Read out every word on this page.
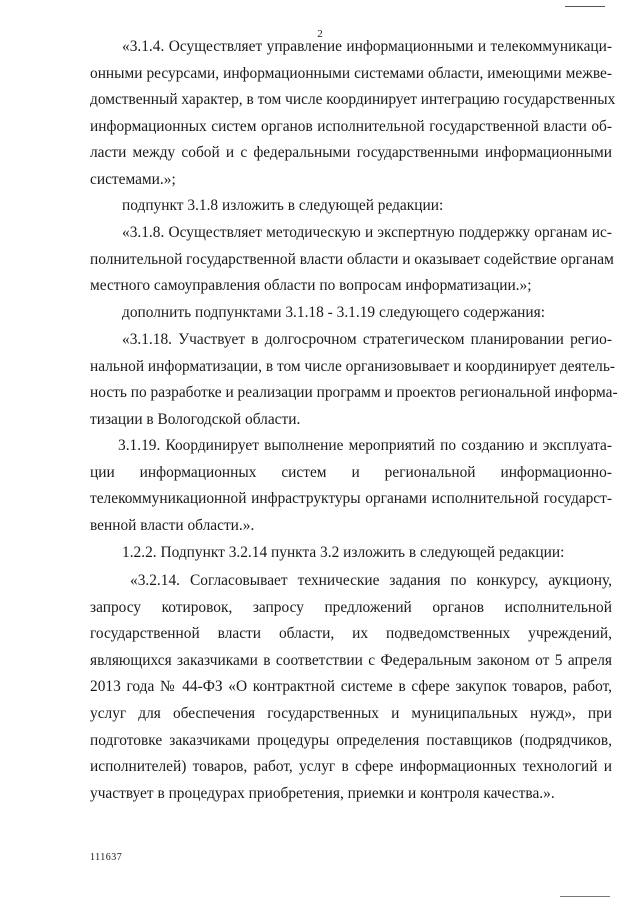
2
«3.1.4. Осуществляет управление информационными и телекоммуникаци-
онными ресурсами, информационными системами области, имеющими межве-
домственный характер, в том числе координирует интеграцию государственных
информационных систем органов исполнительной государственной власти об-
ласти между собой и с федеральными государственными информационными
системами.»;
подпункт 3.1.8 изложить в следующей редакции:
«3.1.8. Осуществляет методическую и экспертную поддержку органам ис-
полнительной государственной власти области и оказывает содействие органам
местного самоуправления области по вопросам информатизации.»;
дополнить подпунктами 3.1.18 - 3.1.19 следующего содержания:
«3.1.18. Участвует в долгосрочном стратегическом планировании регио-
нальной информатизации, в том числе организовывает и координирует деятель-
ность по разработке и реализации программ и проектов региональной информа-
тизации в Вологодской области.
3.1.19. Координирует выполнение мероприятий по созданию и эксплуата-
ции информационных систем и региональной информационно-
телекоммуникационной инфраструктуры органами исполнительной государст-
венной власти области.».
1.2.2. Подпункт 3.2.14 пункта 3.2 изложить в следующей редакции:
«3.2.14. Согласовывает технические задания по конкурсу, аукциону,
запросу котировок, запросу предложений органов исполнительной
государственной власти области, их подведомственных учреждений,
являющихся заказчиками в соответствии с Федеральным законом от 5 апреля
2013 года № 44-ФЗ «О контрактной системе в сфере закупок товаров, работ,
услуг для обеспечения государственных и муниципальных нужд», при
подготовке заказчиками процедуры определения поставщиков (подрядчиков,
исполнителей) товаров, работ, услуг в сфере информационных технологий и
участвует в процедурах приобретения, приемки и контроля качества.».
111637
